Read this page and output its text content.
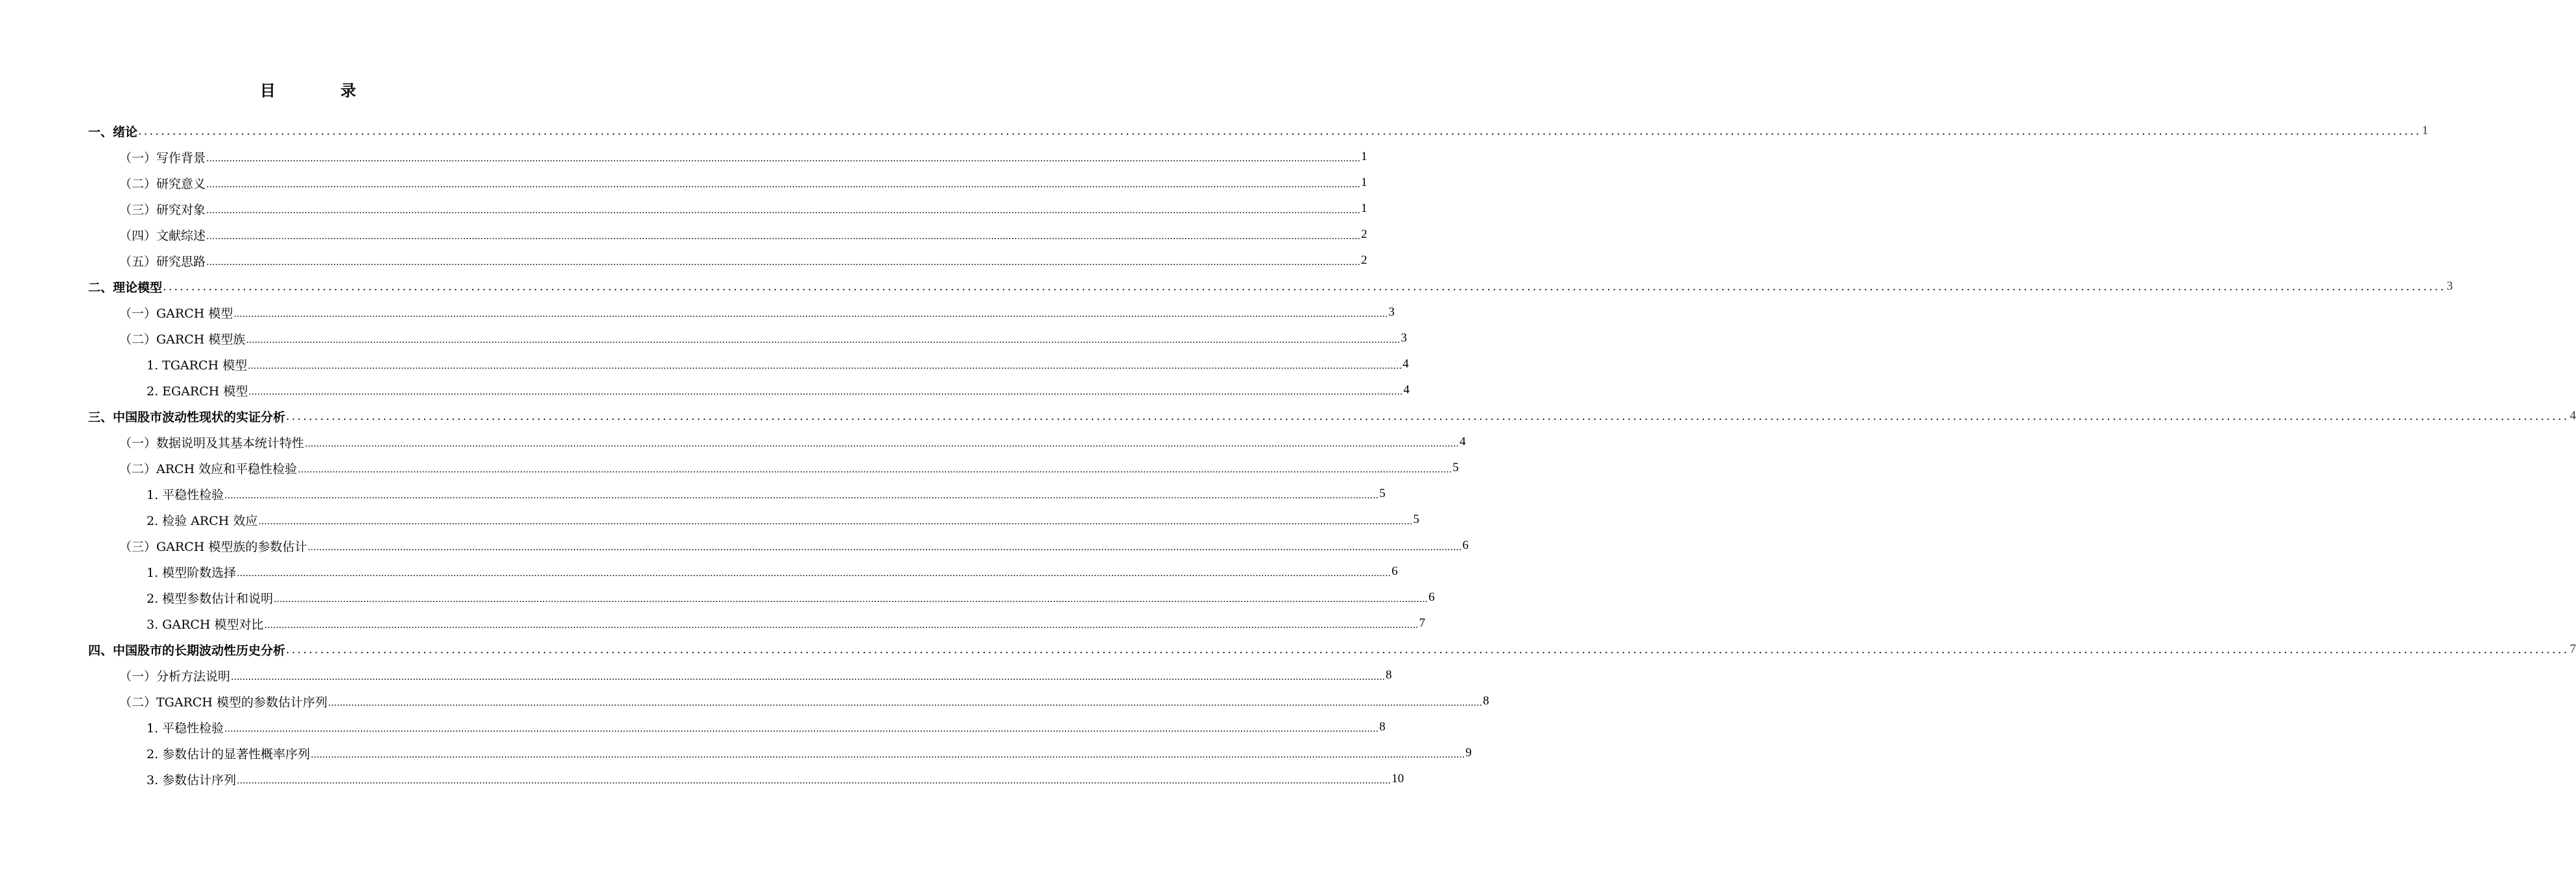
目 录
一、绪论 ................................................................................................................................................................................................................................................................................................................................................................................................................ 1
（一）写作背景 ................................................................................................................................................................................................................................................................................................................................................................................................................ 1
（二）研究意义 ................................................................................................................................................................................................................................................................................................................................................................................................................ 1
（三）研究对象 ................................................................................................................................................................................................................................................................................................................................................................................................................ 1
（四）文献综述 ................................................................................................................................................................................................................................................................................................................................................................................................................ 2
（五）研究思路 ................................................................................................................................................................................................................................................................................................................................................................................................................ 2
二、理论模型 ................................................................................................................................................................................................................................................................................................................................................................................................................ 3
（一）GARCH 模型 ................................................................................................................................................................................................................................................................................................................................................................................................................ 3
（二）GARCH 模型族 ................................................................................................................................................................................................................................................................................................................................................................................................................ 3
1. TGARCH 模型 ................................................................................................................................................................................................................................................................................................................................................................................................................ 4
2. EGARCH 模型 ................................................................................................................................................................................................................................................................................................................................................................................................................ 4
三、中国股市波动性现状的实证分析 ................................................................................................................................................................................................................................................................................................................................................................................................................ 4
（一）数据说明及其基本统计特性 ................................................................................................................................................................................................................................................................................................................................................................................................................ 4
（二）ARCH 效应和平稳性检验 ................................................................................................................................................................................................................................................................................................................................................................................................................ 5
1. 平稳性检验 ................................................................................................................................................................................................................................................................................................................................................................................................................ 5
2. 检验 ARCH 效应 ................................................................................................................................................................................................................................................................................................................................................................................................................ 5
（三）GARCH 模型族的参数估计 ................................................................................................................................................................................................................................................................................................................................................................................................................ 6
1. 模型阶数选择 ................................................................................................................................................................................................................................................................................................................................................................................................................ 6
2. 模型参数估计和说明 ................................................................................................................................................................................................................................................................................................................................................................................................................ 6
3. GARCH 模型对比 ................................................................................................................................................................................................................................................................................................................................................................................................................ 7
四、中国股市的长期波动性历史分析 ................................................................................................................................................................................................................................................................................................................................................................................................................ 7
（一）分析方法说明 ................................................................................................................................................................................................................................................................................................................................................................................................................ 8
（二）TGARCH 模型的参数估计序列 ................................................................................................................................................................................................................................................................................................................................................................................................................ 8
1. 平稳性检验 ................................................................................................................................................................................................................................................................................................................................................................................................................ 8
2. 参数估计的显著性概率序列 ................................................................................................................................................................................................................................................................................................................................................................................................................ 9
3. 参数估计序列 ................................................................................................................................................................................................................................................................................................................................................................................................................ 10
